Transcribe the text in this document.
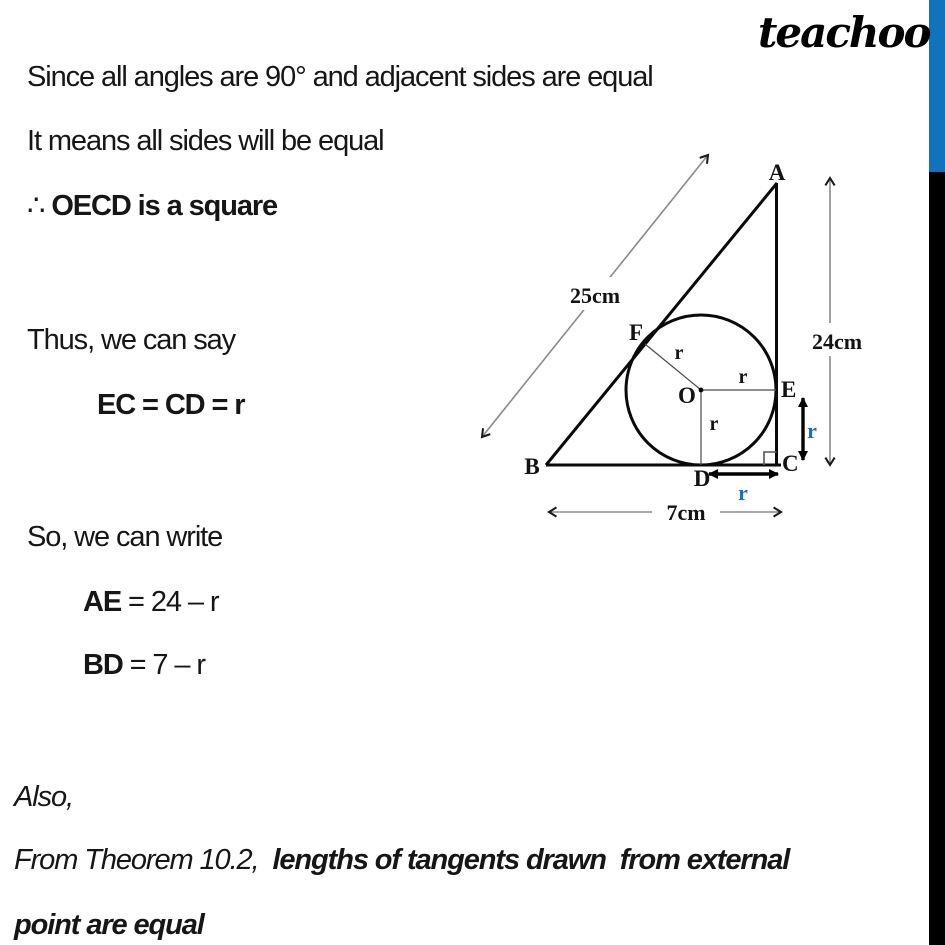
teachoo
Since all angles are 90° and adjacent sides are equal
It means all sides will be equal
∴ OECD is a square
Thus, we can say
EC = CD = r
So, we can write
AE = 24 – r
BD = 7 – r
Also,
From Theorem 10.2,  lengths of tangents drawn  from external
point are equal
25cm
24cm
7cm
A
B	C
D
E
F
O
r
r
r	r
r
